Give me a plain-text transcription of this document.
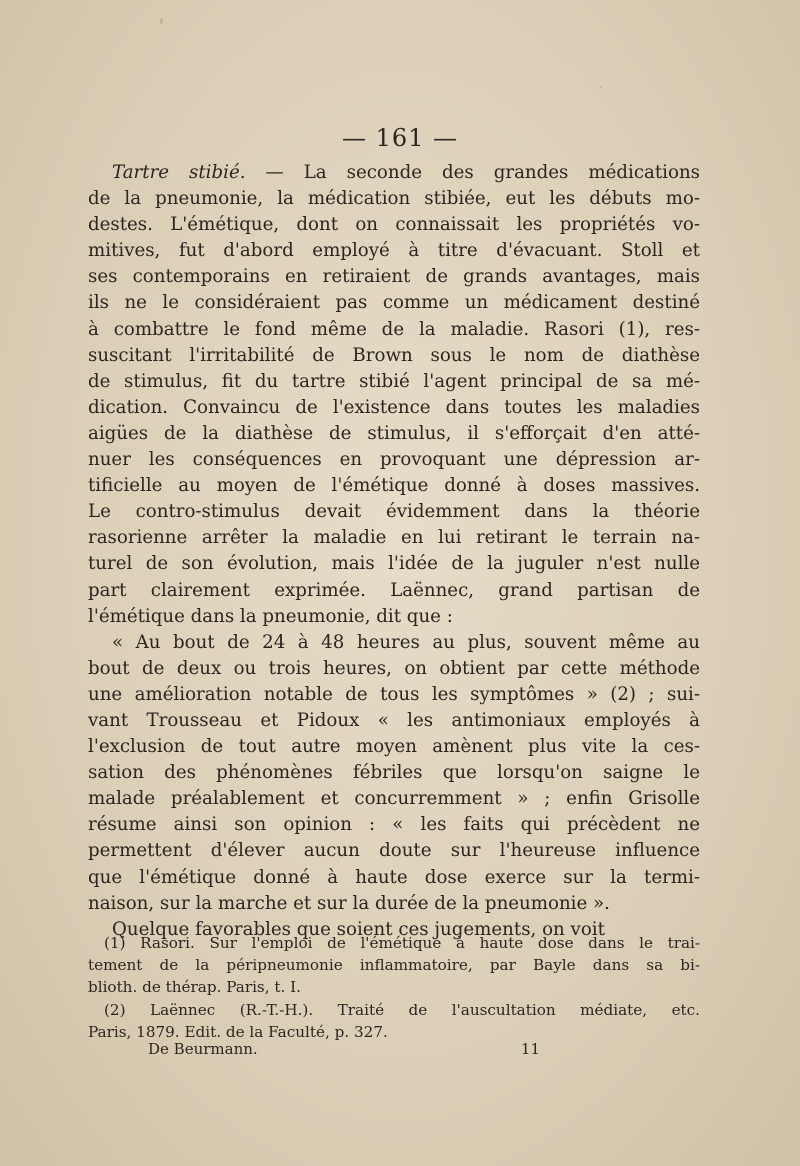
— 161 —
Tartre stibié. — La seconde des grandes médications
de la pneumonie, la médication stibiée, eut les débuts mo-
destes. L'émétique, dont on connaissait les propriétés vo-
mitives, fut d'abord employé à titre d'évacuant. Stoll et
ses contemporains en retiraient de grands avantages, mais
ils ne le considéraient pas comme un médicament destiné
à combattre le fond même de la maladie. Rasori (1), res-
suscitant l'irritabilité de Brown sous le nom de diathèse
de stimulus, fit du tartre stibié l'agent principal de sa mé-
dication. Convaincu de l'existence dans toutes les maladies
aigües de la diathèse de stimulus, il s'efforçait d'en atté-
nuer les conséquences en provoquant une dépression ar-
tificielle au moyen de l'émétique donné à doses massives.
Le contro-stimulus devait évidemment dans la théorie
rasorienne arrêter la maladie en lui retirant le terrain na-
turel de son évolution, mais l'idée de la juguler n'est nulle
part clairement exprimée. Laënnec, grand partisan de
l'émétique dans la pneumonie, dit que :
« Au bout de 24 à 48 heures au plus, souvent même au
bout de deux ou trois heures, on obtient par cette méthode
une amélioration notable de tous les symptômes » (2) ; sui-
vant Trousseau et Pidoux « les antimoniaux employés à
l'exclusion de tout autre moyen amènent plus vite la ces-
sation des phénomènes fébriles que lorsqu'on saigne le
malade préalablement et concurremment » ; enfin Grisolle
résume ainsi son opinion : « les faits qui précèdent ne
permettent d'élever aucun doute sur l'heureuse influence
que l'émétique donné à haute dose exerce sur la termi-
naison, sur la marche et sur la durée de la pneumonie ».
Quelque favorables que soient ces jugements, on voit
(1) Rasori. Sur l'emploi de l'émétique à haute dose dans le trai-
tement de la péripneumonie inflammatoire, par Bayle dans sa bi-
blioth. de thérap. Paris, t. I.
(2) Laënnec (R.-T.-H.). Traité de l'auscultation médiate, etc.
Paris, 1879. Edit. de la Faculté, p. 327.
De Beurmann.	11
